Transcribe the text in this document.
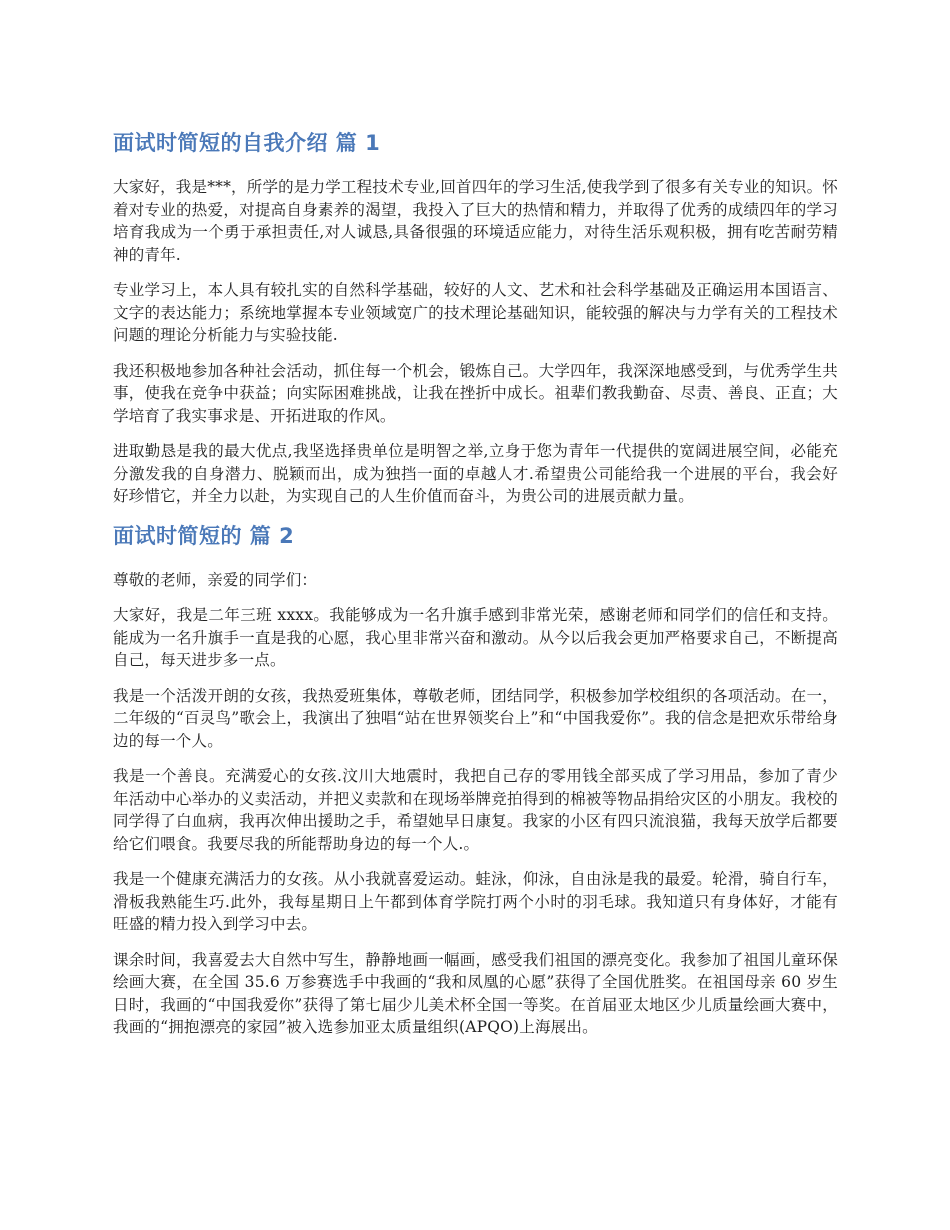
面试时简短的自我介绍 篇 1

大家好，我是***，所学的是力学工程技术专业,回首四年的学习生活,使我学到了很多有关专业的知识。怀着对专业的热爱，对提高自身素养的渴望，我投入了巨大的热情和精力，并取得了优秀的成绩四年的学习培育我成为一个勇于承担责任,对人诚恳,具备很强的环境适应能力，对待生活乐观积极，拥有吃苦耐劳精神的青年.

专业学习上，本人具有较扎实的自然科学基础，较好的人文、艺术和社会科学基础及正确运用本国语言、文字的表达能力；系统地掌握本专业领域宽广的技术理论基础知识，能较强的解决与力学有关的工程技术问题的理论分析能力与实验技能.

我还积极地参加各种社会活动，抓住每一个机会，锻炼自己。大学四年，我深深地感受到，与优秀学生共事，使我在竞争中获益；向实际困难挑战，让我在挫折中成长。祖辈们教我勤奋、尽责、善良、正直；大学培育了我实事求是、开拓进取的作风。

进取勤恳是我的最大优点,我坚选择贵单位是明智之举,立身于您为青年一代提供的宽阔进展空间，必能充分激发我的自身潜力、脱颖而出，成为独挡一面的卓越人才.希望贵公司能给我一个进展的平台，我会好好珍惜它，并全力以赴，为实现自己的人生价值而奋斗，为贵公司的进展贡献力量。

面试时简短的 篇 2

尊敬的老师，亲爱的同学们：

大家好，我是二年三班 xxxx。我能够成为一名升旗手感到非常光荣，感谢老师和同学们的信任和支持。能成为一名升旗手一直是我的心愿，我心里非常兴奋和激动。从今以后我会更加严格要求自己，不断提高自己，每天进步多一点。

我是一个活泼开朗的女孩，我热爱班集体，尊敬老师，团结同学，积极参加学校组织的各项活动。在一，二年级的“百灵鸟”歌会上，我演出了独唱“站在世界领奖台上”和“中国我爱你”。我的信念是把欢乐带给身边的每一个人。

我是一个善良。充满爱心的女孩.汶川大地震时，我把自己存的零用钱全部买成了学习用品，参加了青少年活动中心举办的义卖活动，并把义卖款和在现场举牌竞拍得到的棉被等物品捐给灾区的小朋友。我校的同学得了白血病，我再次伸出援助之手，希望她早日康复。我家的小区有四只流浪猫，我每天放学后都要给它们喂食。我要尽我的所能帮助身边的每一个人.。

我是一个健康充满活力的女孩。从小我就喜爱运动。蛙泳，仰泳，自由泳是我的最爱。轮滑，骑自行车，滑板我熟能生巧.此外，我每星期日上午都到体育学院打两个小时的羽毛球。我知道只有身体好，才能有旺盛的精力投入到学习中去。

课余时间，我喜爱去大自然中写生，静静地画一幅画，感受我们祖国的漂亮变化。我参加了祖国儿童环保绘画大赛，在全国 35.6 万参赛选手中我画的“我和凤凰的心愿”获得了全国优胜奖。在祖国母亲 60 岁生日时，我画的“中国我爱你”获得了第七届少儿美术杯全国一等奖。在首届亚太地区少儿质量绘画大赛中，我画的“拥抱漂亮的家园”被入选参加亚太质量组织(APQO)上海展出。
